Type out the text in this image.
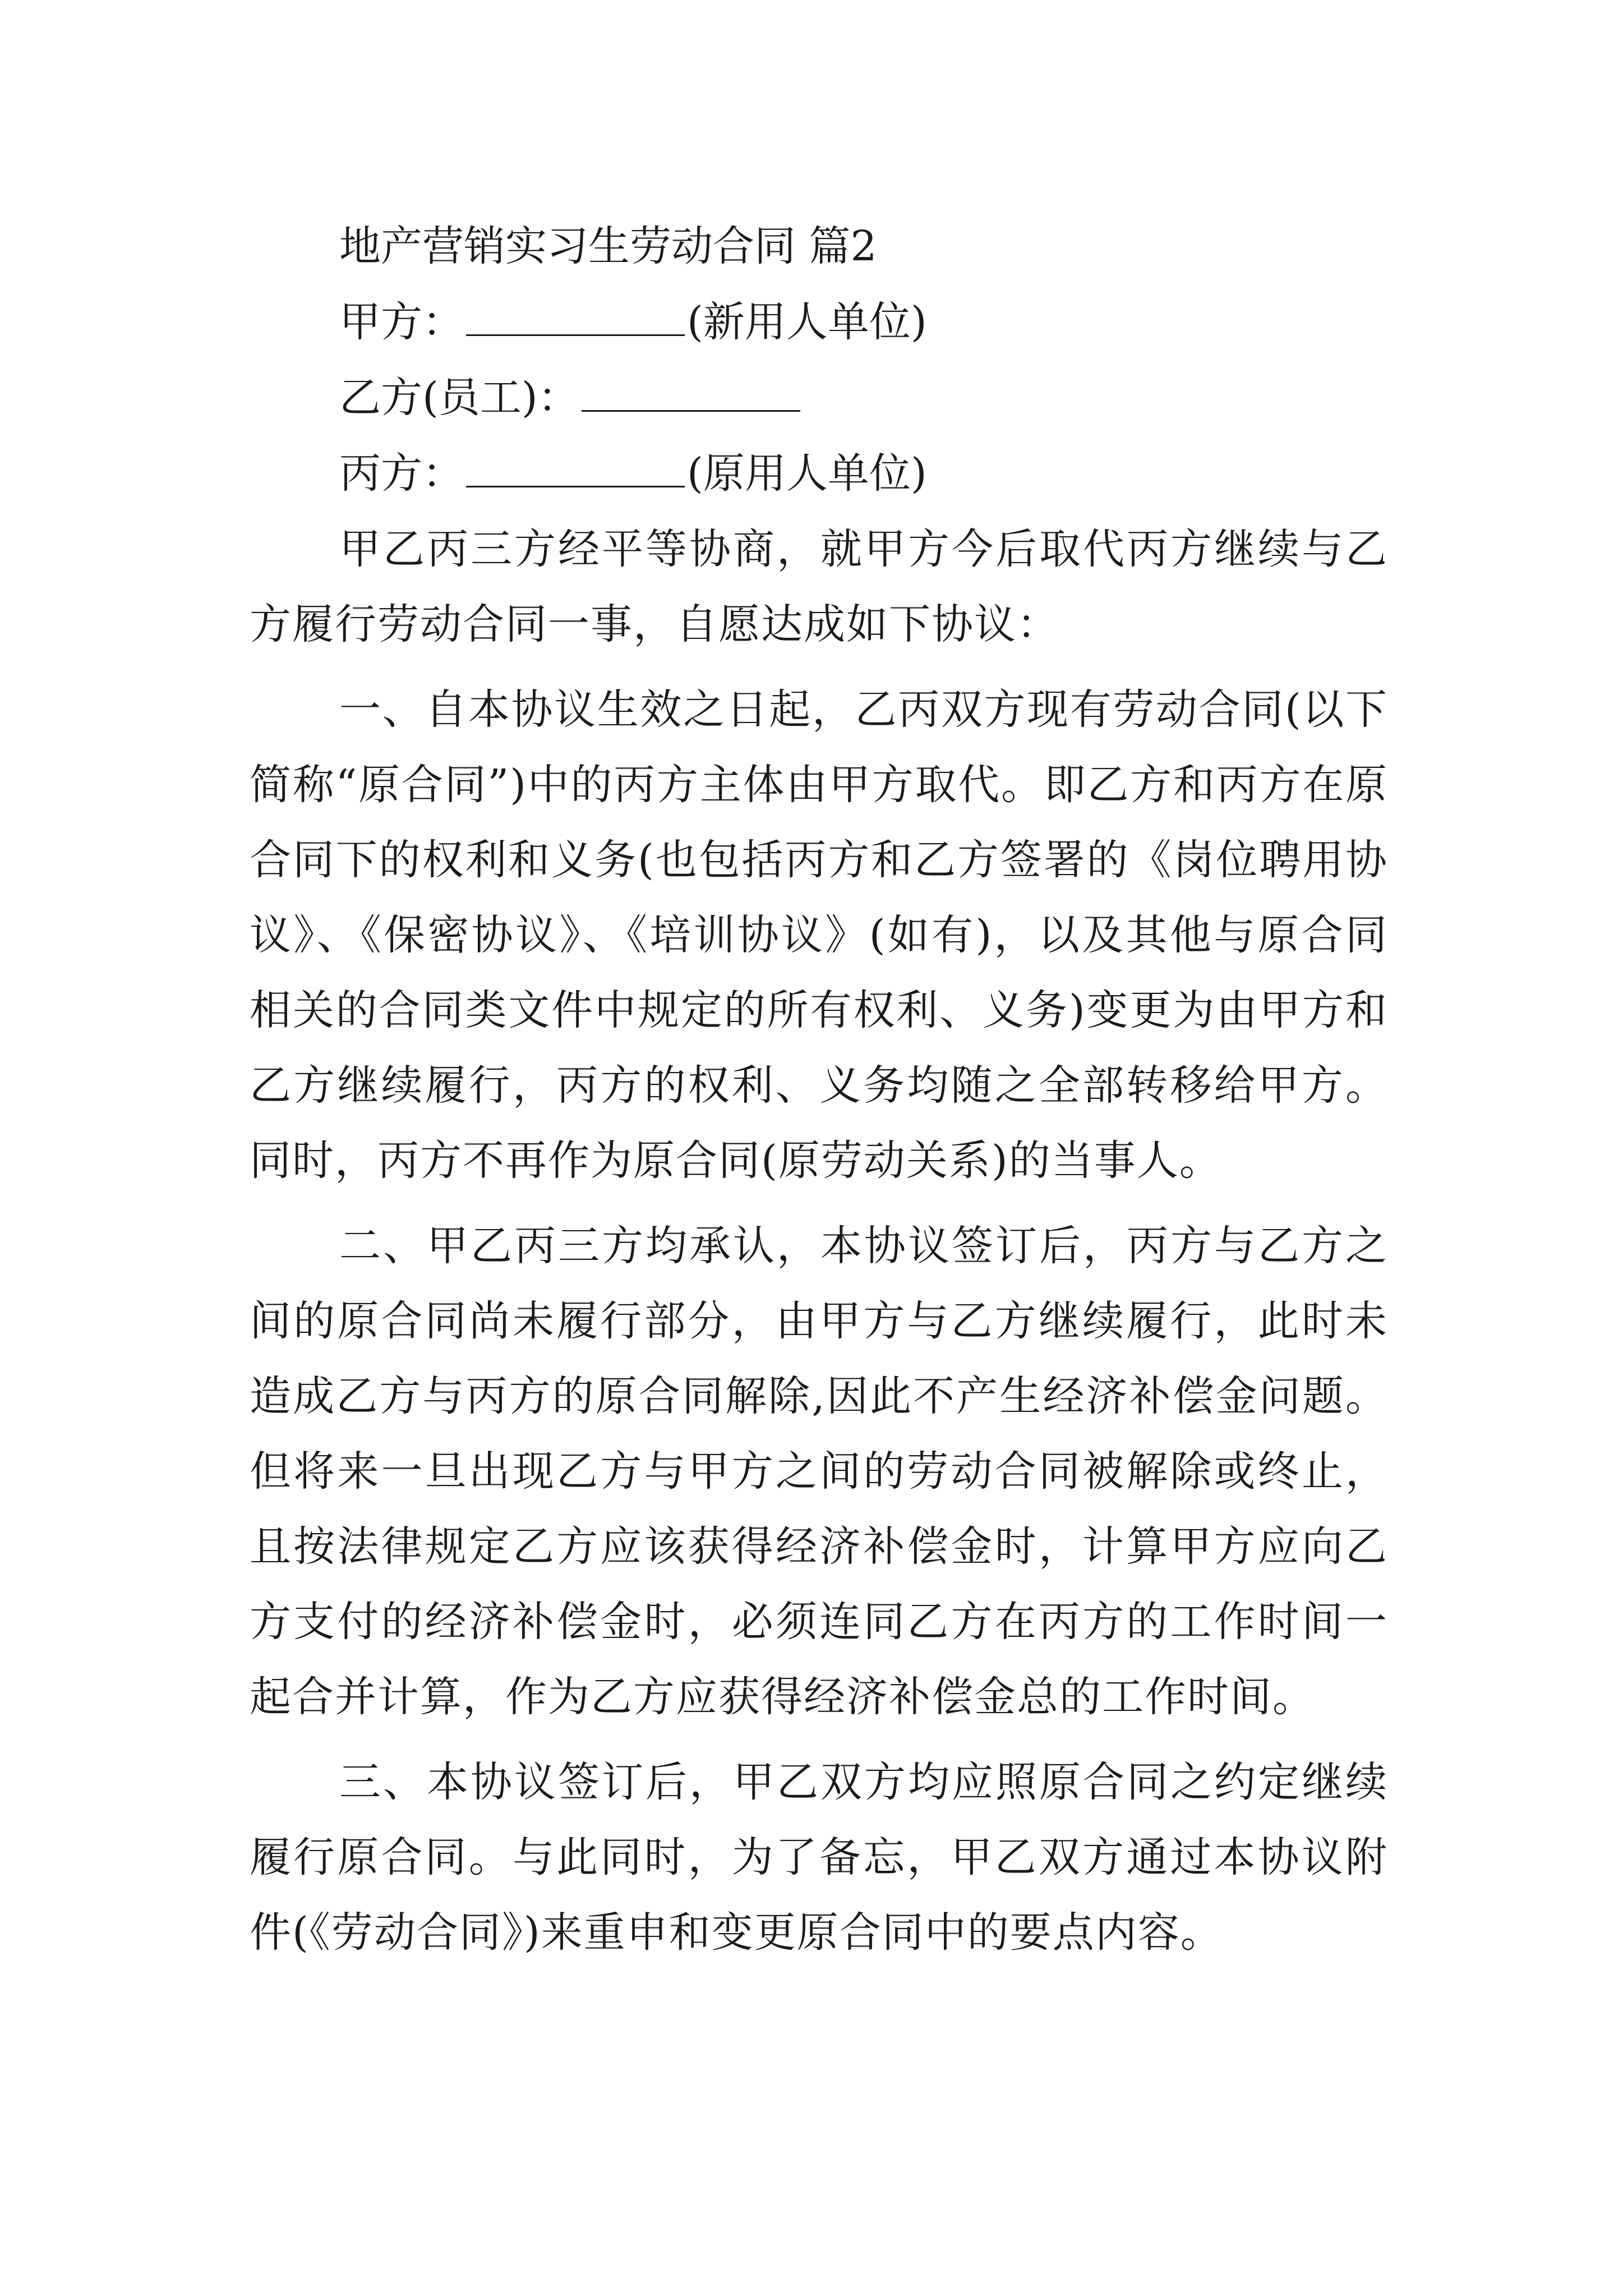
地产营销实习生劳动合同 篇2
甲方：	(新用人单位)
乙方(员工)：
丙方：	(原用人单位)

甲乙丙三方经平等协商，就甲方今后取代丙方继续与乙方履行劳动合同一事，自愿达成如下协议：

一、自本协议生效之日起，乙丙双方现有劳动合同(以下简称“原合同”)中的丙方主体由甲方取代。即乙方和丙方在原合同下的权利和义务(也包括丙方和乙方签署的《岗位聘用协议》、《保密协议》、《培训协议》(如有)，以及其他与原合同相关的合同类文件中规定的所有权利、义务)变更为由甲方和乙方继续履行，丙方的权利、义务均随之全部转移给甲方。同时，丙方不再作为原合同(原劳动关系)的当事人。

二、甲乙丙三方均承认，本协议签订后，丙方与乙方之间的原合同尚未履行部分，由甲方与乙方继续履行，此时未造成乙方与丙方的原合同解除,因此不产生经济补偿金问题。但将来一旦出现乙方与甲方之间的劳动合同被解除或终止，且按法律规定乙方应该获得经济补偿金时，计算甲方应向乙方支付的经济补偿金时，必须连同乙方在丙方的工作时间一起合并计算，作为乙方应获得经济补偿金总的工作时间。

三、本协议签订后，甲乙双方均应照原合同之约定继续履行原合同。与此同时，为了备忘，甲乙双方通过本协议附件(《劳动合同》)来重申和变更原合同中的要点内容。
